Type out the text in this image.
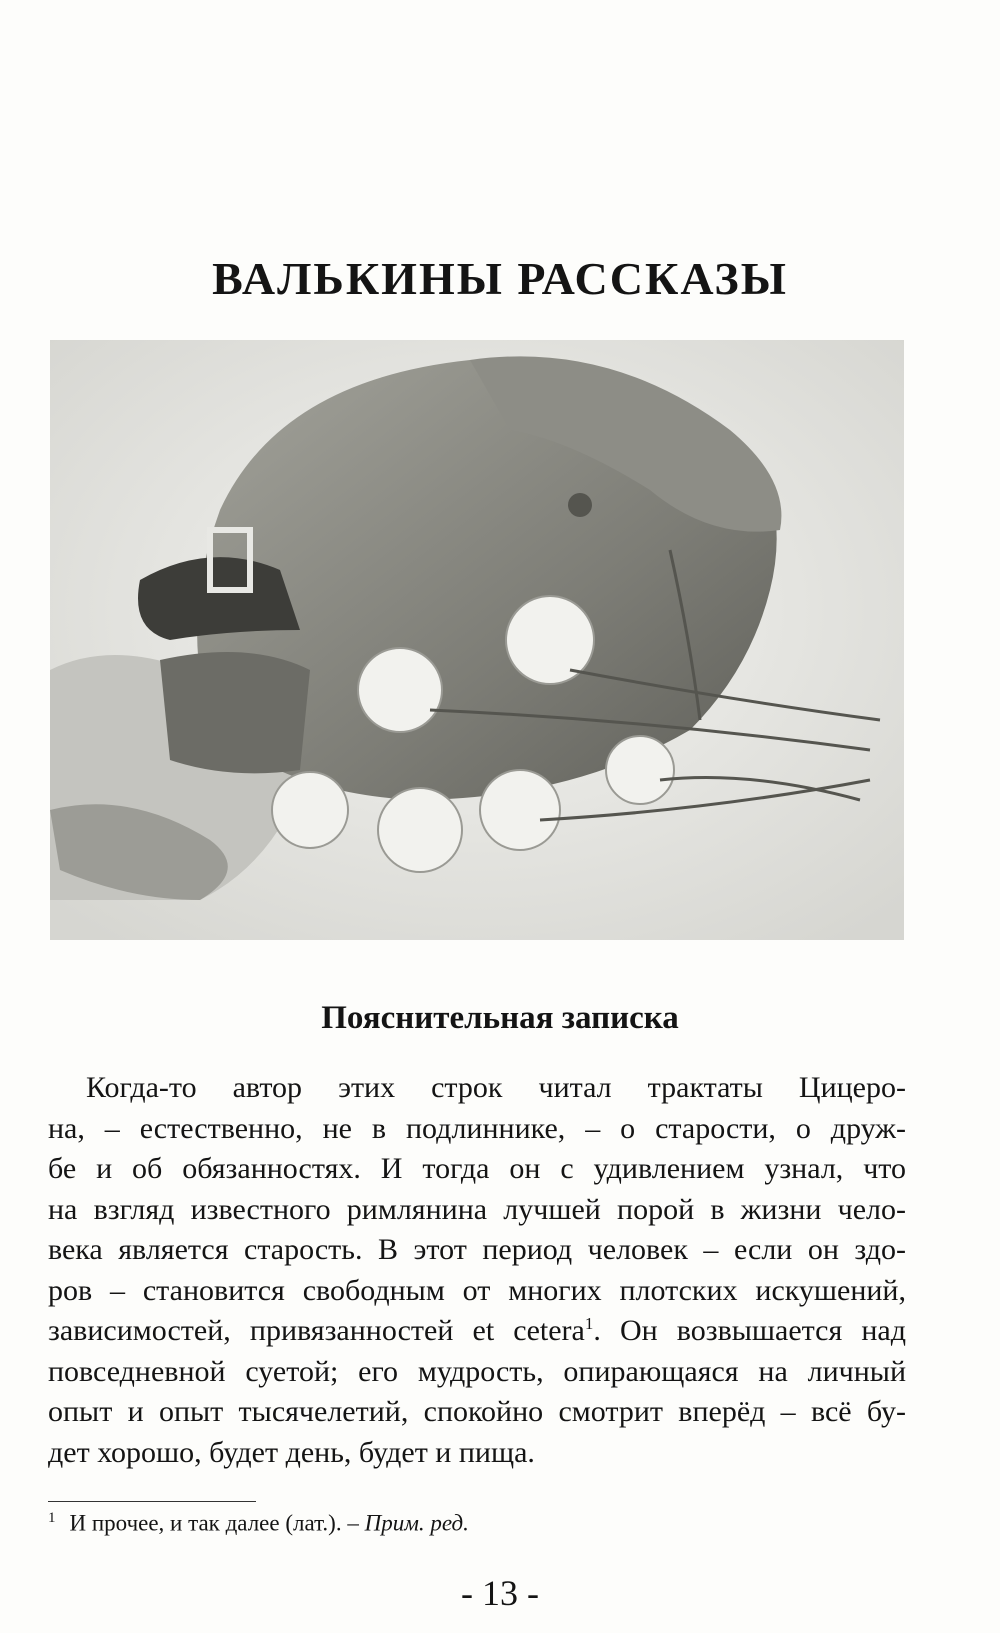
ВАЛЬКИНЫ РАССКАЗЫ
Пояснительная записка
Когда-то автор этих строк читал трактаты Цицеро-
на, – естественно, не в подлиннике, – о старости, о друж-
бе и об обязанностях. И тогда он с удивлением узнал, что
на взгляд известного римлянина лучшей порой в жизни чело-
века является старость. В этот период человек – если он здо-
ров – становится свободным от многих плотских искушений,
зависимостей, привязанностей et cetera$^1$. Он возвышается над
повседневной суетой; его мудрость, опирающаяся на личный
опыт и опыт тысячелетий, спокойно смотрит вперёд – всё бу-
дет хорошо, будет день, будет и пища.

$^1$ И прочее, и так далее (лат.). – Прим. ред.

- 13 -
